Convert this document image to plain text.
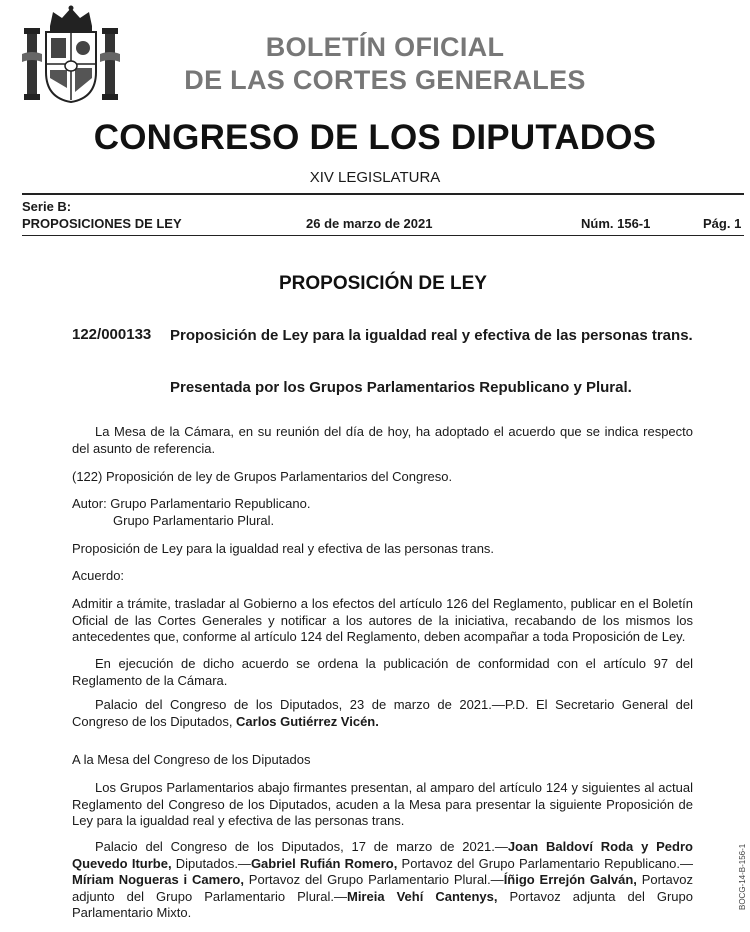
BOLETÍN OFICIAL
DE LAS CORTES GENERALES
CONGRESO DE LOS DIPUTADOS
XIV LEGISLATURA
Serie B:
PROPOSICIONES DE LEY	26 de marzo de 2021	Núm. 156-1	Pág. 1
PROPOSICIÓN DE LEY
122/000133 Proposición de Ley para la igualdad real y efectiva de las personas trans.
Presentada por los Grupos Parlamentarios Republicano y Plural.
La Mesa de la Cámara, en su reunión del día de hoy, ha adoptado el acuerdo que se indica respecto del asunto de referencia.
(122) Proposición de ley de Grupos Parlamentarios del Congreso.
Autor: Grupo Parlamentario Republicano.
Grupo Parlamentario Plural.
Proposición de Ley para la igualdad real y efectiva de las personas trans.
Acuerdo:
Admitir a trámite, trasladar al Gobierno a los efectos del artículo 126 del Reglamento, publicar en el Boletín Oficial de las Cortes Generales y notificar a los autores de la iniciativa, recabando de los mismos los antecedentes que, conforme al artículo 124 del Reglamento, deben acompañar a toda Proposición de Ley.
En ejecución de dicho acuerdo se ordena la publicación de conformidad con el artículo 97 del Reglamento de la Cámara.
Palacio del Congreso de los Diputados, 23 de marzo de 2021.—P.D. El Secretario General del Congreso de los Diputados, Carlos Gutiérrez Vicén.
A la Mesa del Congreso de los Diputados
Los Grupos Parlamentarios abajo firmantes presentan, al amparo del artículo 124 y siguientes al actual Reglamento del Congreso de los Diputados, acuden a la Mesa para presentar la siguiente Proposición de Ley para la igualdad real y efectiva de las personas trans.
Palacio del Congreso de los Diputados, 17 de marzo de 2021.—Joan Baldoví Roda y Pedro Quevedo Iturbe, Diputados.—Gabriel Rufián Romero, Portavoz del Grupo Parlamentario Republicano.—Míriam Nogueras i Camero, Portavoz del Grupo Parlamentario Plural.—Íñigo Errejón Galván, Portavoz adjunto del Grupo Parlamentario Plural.—Mireia Vehí Cantenys, Portavoz adjunta del Grupo Parlamentario Mixto.
BOCG-14-B-156-1
